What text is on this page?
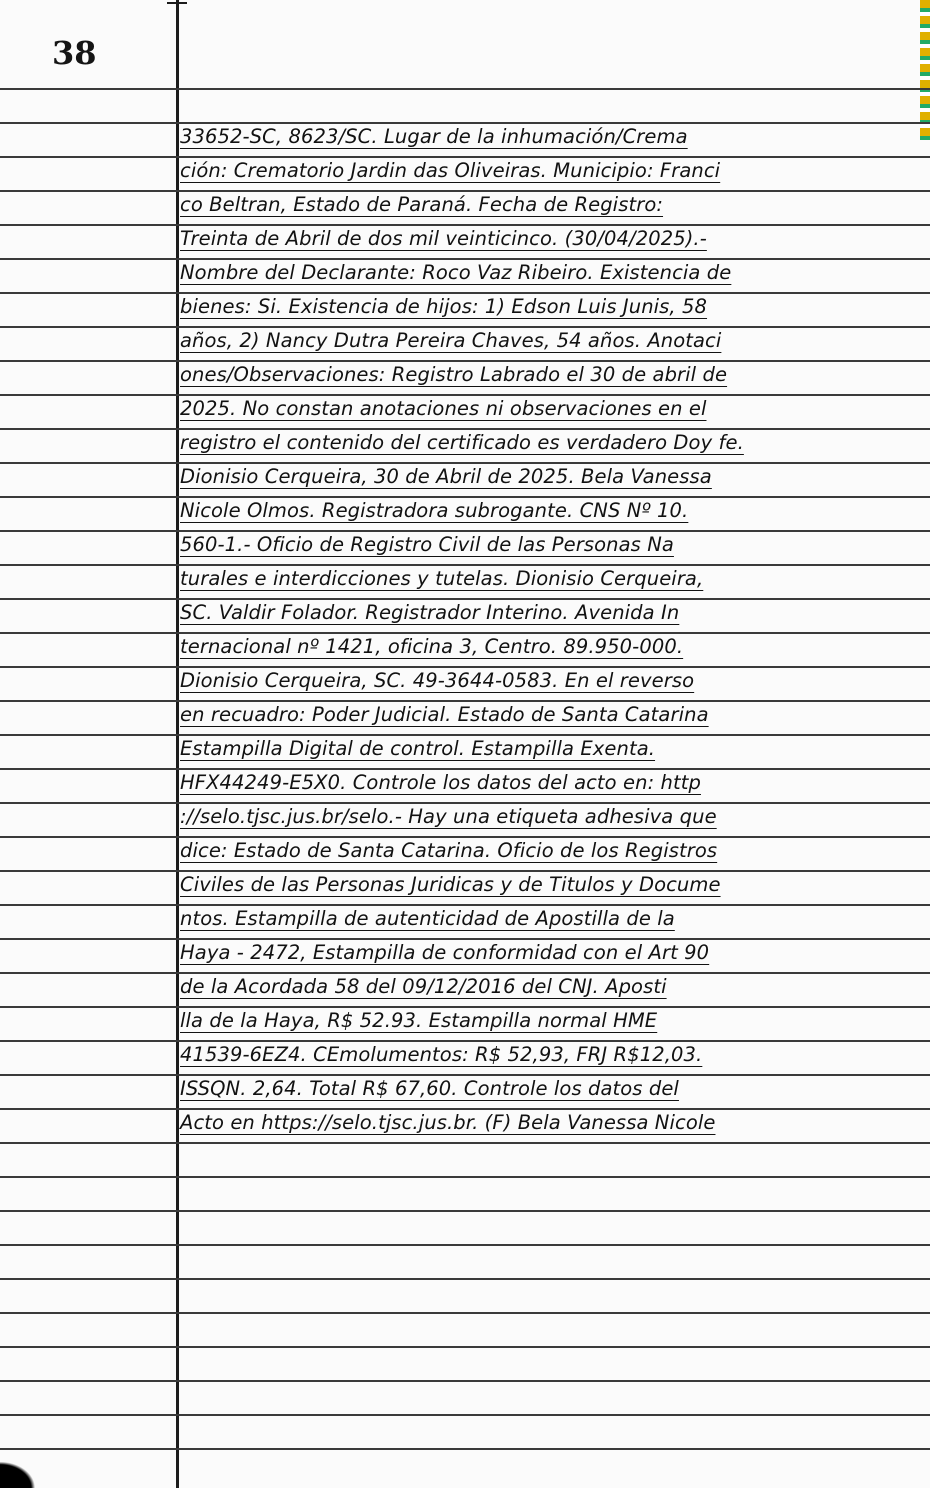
38
33652-SC, 8623/SC. Lugar de la inhumación/Crema
ción: Crematorio Jardin das Oliveiras. Municipio: Franci
co Beltran, Estado de Paraná. Fecha de Registro:
Treinta de Abril de dos mil veinticinco. (30/04/2025).-
Nombre del Declarante: Roco Vaz Ribeiro. Existencia de
bienes: Si. Existencia de hijos: 1) Edson Luis Junis, 58
años, 2) Nancy Dutra Pereira Chaves, 54 años. Anotaci
ones/Observaciones: Registro Labrado el 30 de abril de
2025. No constan anotaciones ni observaciones en el
registro el contenido del certificado es verdadero Doy fe.
Dionisio Cerqueira, 30 de Abril de 2025. Bela Vanessa
Nicole Olmos. Registradora subrogante. CNS Nº 10.
560-1.- Oficio de Registro Civil de las Personas Na
turales e interdicciones y tutelas. Dionisio Cerqueira,
SC. Valdir Folador. Registrador Interino. Avenida In
ternacional nº 1421, oficina 3, Centro. 89.950-000.
Dionisio Cerqueira, SC. 49-3644-0583. En el reverso
en recuadro: Poder Judicial. Estado de Santa Catarina
Estampilla Digital de control. Estampilla Exenta.
HFX44249-E5X0. Controle los datos del acto en: http
://selo.tjsc.jus.br/selo.- Hay una etiqueta adhesiva que
dice: Estado de Santa Catarina. Oficio de los Registros
Civiles de las Personas Juridicas y de Titulos y Docume
ntos. Estampilla de autenticidad de Apostilla de la
Haya - 2472, Estampilla de conformidad con el Art 90
de la Acordada 58 del 09/12/2016 del CNJ. Aposti
lla de la Haya, R$ 52.93. Estampilla normal HME
41539-6EZ4. CEmolumentos: R$ 52,93, FRJ R$12,03.
ISSQN. 2,64. Total R$ 67,60. Controle los datos del
Acto en https://selo.tjsc.jus.br. (F) Bela Vanessa Nicole
